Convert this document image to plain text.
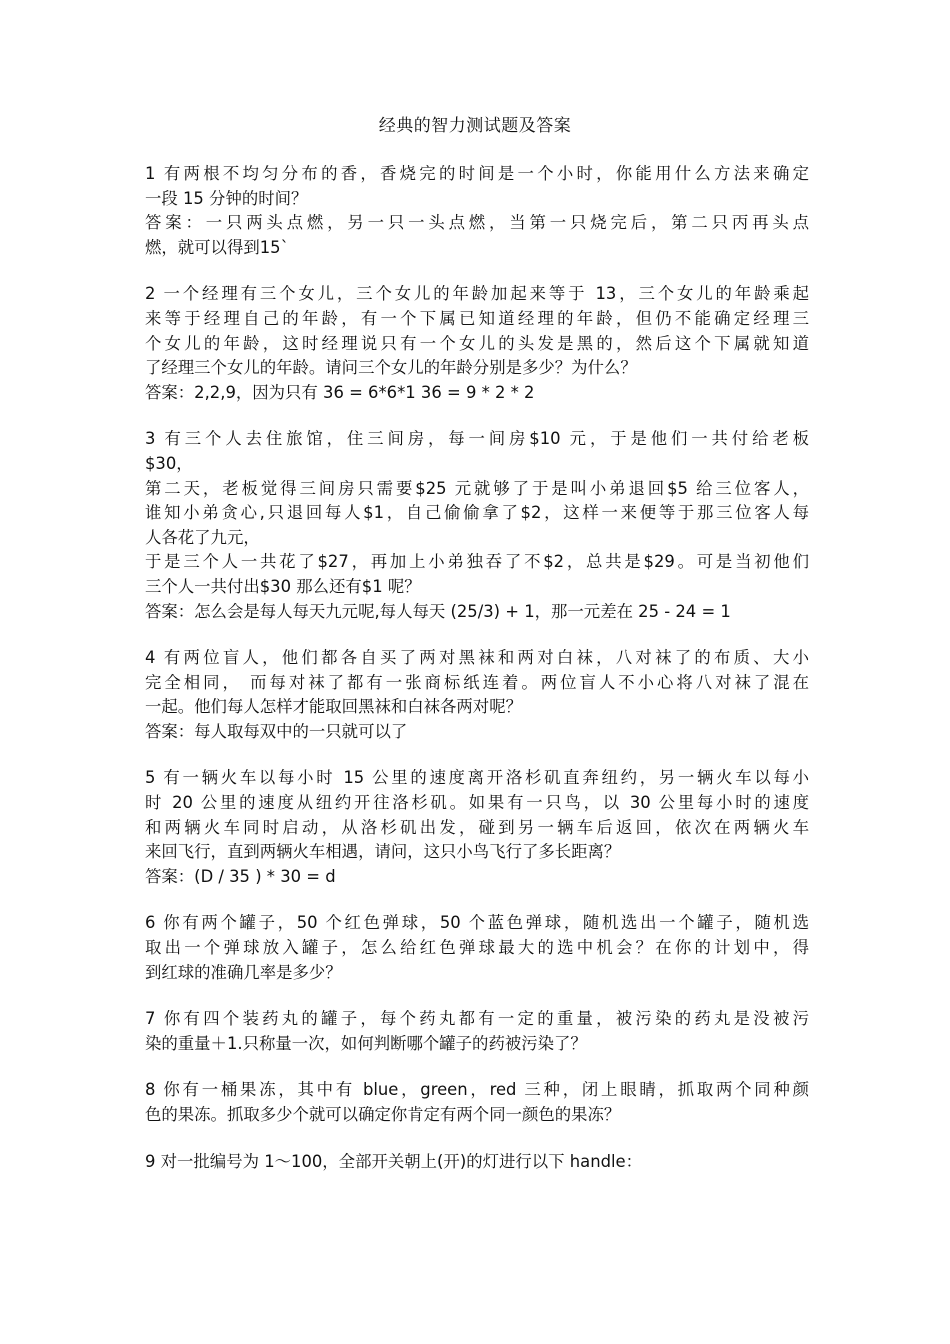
经典的智力测试题及答案
1 有两根不均匀分布的香，香烧完的时间是一个小时，你能用什么方法来确定
一段 15 分钟的时间？
答案：一只两头点燃，另一只一头点燃，当第一只烧完后，第二只丙再头点
燃，就可以得到15`
2 一个经理有三个女儿，三个女儿的年龄加起来等于 13，三个女儿的年龄乘起
来等于经理自己的年龄，有一个下属已知道经理的年龄，但仍不能确定经理三
个女儿的年龄，这时经理说只有一个女儿的头发是黑的，然后这个下属就知道
了经理三个女儿的年龄。请问三个女儿的年龄分别是多少？为什么？
答案：2,2,9，因为只有 36 = 6*6*1 36 = 9 * 2 * 2
3 有三个人去住旅馆，住三间房，每一间房$10 元，于是他们一共付给老板
$30，
第二天，老板觉得三间房只需要$25 元就够了于是叫小弟退回$5 给三位客人，
谁知小弟贪心,只退回每人$1，自己偷偷拿了$2，这样一来便等于那三位客人每
人各花了九元，
于是三个人一共花了$27，再加上小弟独吞了不$2，总共是$29。可是当初他们
三个人一共付出$30 那么还有$1 呢？
答案：怎么会是每人每天九元呢,每人每天 (25/3) + 1，那一元差在 25 - 24 = 1
4 有两位盲人，他们都各自买了两对黑袜和两对白袜，八对袜了的布质、大小
完全相同， 而每对袜了都有一张商标纸连着。两位盲人不小心将八对袜了混在
一起。他们每人怎样才能取回黑袜和白袜各两对呢？
答案：每人取每双中的一只就可以了
5 有一辆火车以每小时 15 公里的速度离开洛杉矶直奔纽约，另一辆火车以每小
时 20 公里的速度从纽约开往洛杉矶。如果有一只鸟，以 30 公里每小时的速度
和两辆火车同时启动，从洛杉矶出发，碰到另一辆车后返回，依次在两辆火车
来回飞行，直到两辆火车相遇，请问，这只小鸟飞行了多长距离？
答案：(D / 35 ) * 30 = d
6 你有两个罐子，50 个红色弹球，50 个蓝色弹球，随机选出一个罐子，随机选
取出一个弹球放入罐子，怎么给红色弹球最大的选中机会？在你的计划中，得
到红球的准确几率是多少？
7 你有四个装药丸的罐子，每个药丸都有一定的重量，被污染的药丸是没被污
染的重量＋1.只称量一次，如何判断哪个罐子的药被污染了？
8 你有一桶果冻，其中有 blue，green，red 三种，闭上眼睛，抓取两个同种颜
色的果冻。抓取多少个就可以确定你肯定有两个同一颜色的果冻？
9 对一批编号为 1～100，全部开关朝上(开)的灯进行以下 handle：
